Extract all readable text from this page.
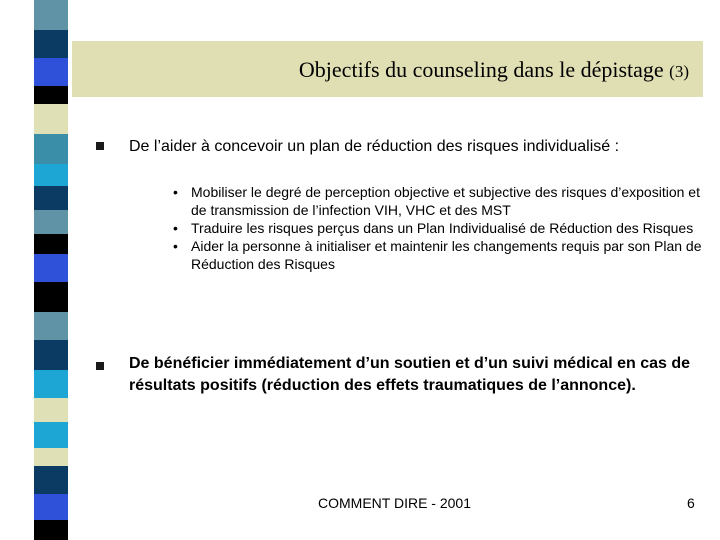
Objectifs du counseling dans le dépistage (3)
De l’aider à concevoir un plan de réduction des risques individualisé :
• Mobiliser le degré de perception objective et subjective des risques d’exposition et de transmission de l’infection VIH, VHC et des MST
• Traduire les risques perçus dans un Plan Individualisé de Réduction des Risques
• Aider la personne à initialiser et maintenir les changements requis par son Plan de Réduction des Risques
De bénéficier immédiatement d’un soutien et d’un suivi médical en cas de résultats positifs (réduction des effets traumatiques de l’annonce).
COMMENT DIRE - 2001	6
